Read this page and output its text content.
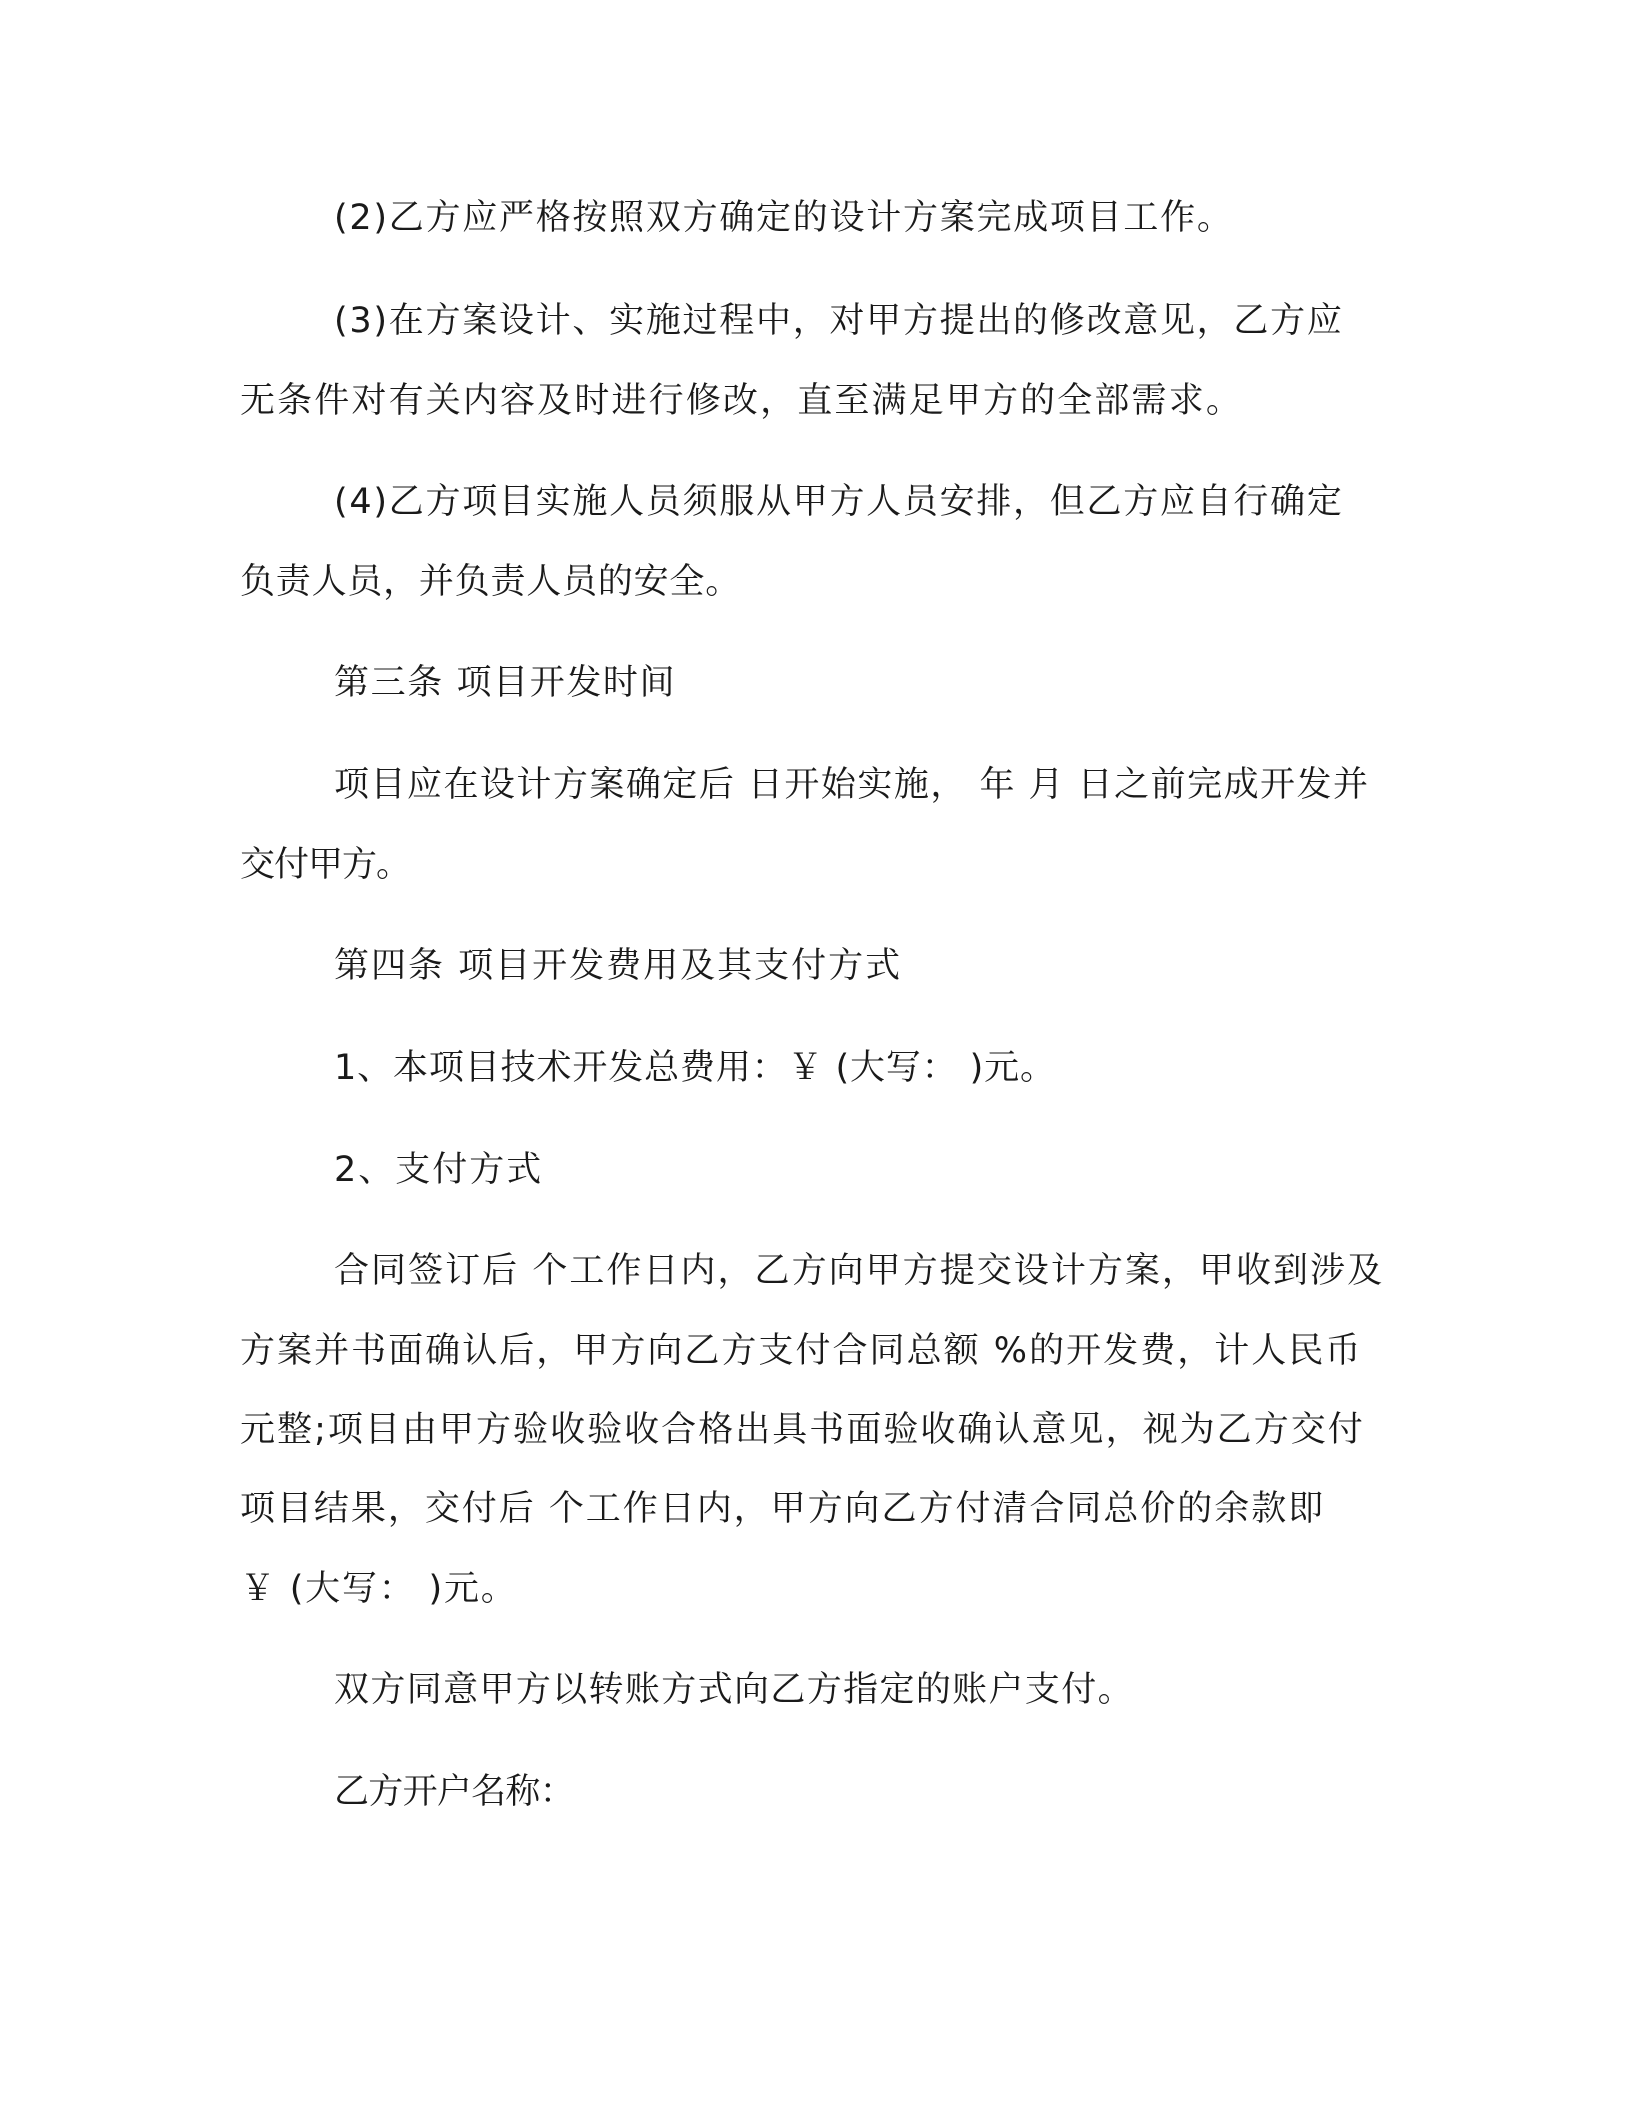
(2)乙方应严格按照双方确定的设计方案完成项目工作。
(3)在方案设计、实施过程中，对甲方提出的修改意见，乙方应
无条件对有关内容及时进行修改，直至满足甲方的全部需求。
(4)乙方项目实施人员须服从甲方人员安排，但乙方应自行确定
负责人员，并负责人员的安全。
第三条 项目开发时间
项目应在设计方案确定后 日开始实施， 年 月 日之前完成开发并
交付甲方。
第四条 项目开发费用及其支付方式
1、本项目技术开发总费用：￥ (大写： )元。
2、支付方式
合同签订后 个工作日内，乙方向甲方提交设计方案，甲收到涉及
方案并书面确认后，甲方向乙方支付合同总额 %的开发费，计人民币
元整;项目由甲方验收验收合格出具书面验收确认意见，视为乙方交付
项目结果，交付后 个工作日内，甲方向乙方付清合同总价的余款即
￥ (大写： )元。
双方同意甲方以转账方式向乙方指定的账户支付。
乙方开户名称：
